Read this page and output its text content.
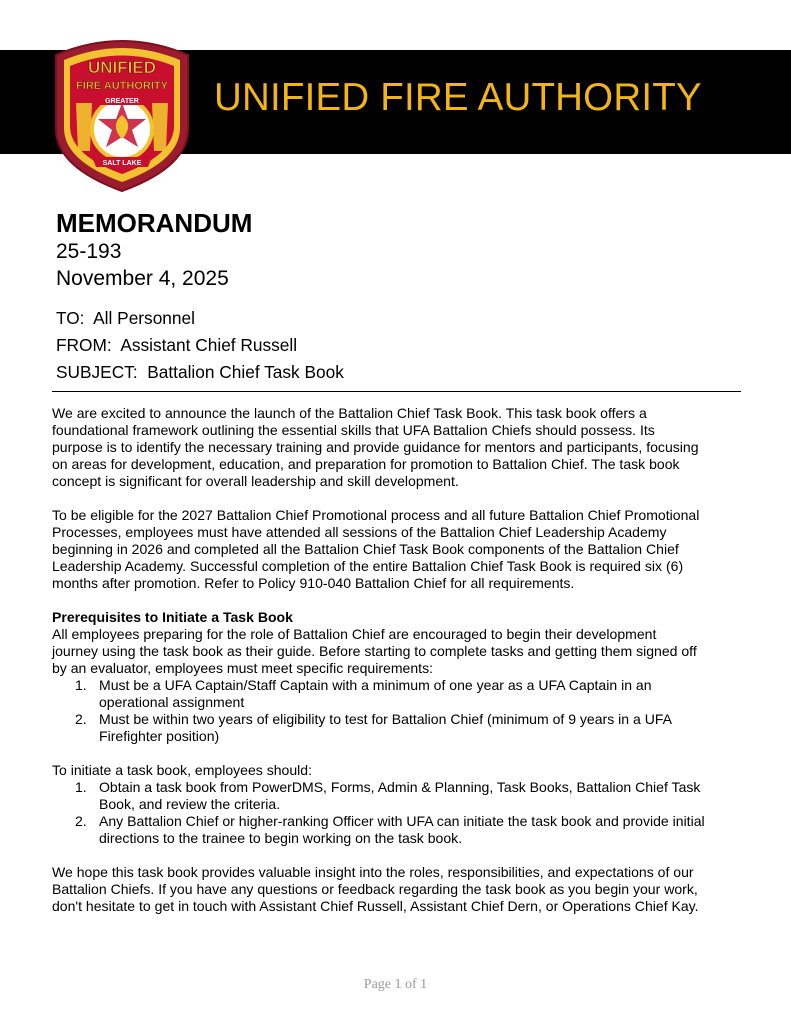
UNIFIED FIRE AUTHORITY
UNIFIED
FIRE AUTHORITY
GREATER
SALT LAKE
MEMORANDUM
25-193
November 4, 2025
TO: All Personnel
FROM: Assistant Chief Russell
SUBJECT: Battalion Chief Task Book

We are excited to announce the launch of the Battalion Chief Task Book. This task book offers a
foundational framework outlining the essential skills that UFA Battalion Chiefs should possess. Its
purpose is to identify the necessary training and provide guidance for mentors and participants, focusing
on areas for development, education, and preparation for promotion to Battalion Chief. The task book
concept is significant for overall leadership and skill development.

To be eligible for the 2027 Battalion Chief Promotional process and all future Battalion Chief Promotional
Processes, employees must have attended all sessions of the Battalion Chief Leadership Academy
beginning in 2026 and completed all the Battalion Chief Task Book components of the Battalion Chief
Leadership Academy. Successful completion of the entire Battalion Chief Task Book is required six (6)
months after promotion. Refer to Policy 910-040 Battalion Chief for all requirements.

Prerequisites to Initiate a Task Book
All employees preparing for the role of Battalion Chief are encouraged to begin their development
journey using the task book as their guide. Before starting to complete tasks and getting them signed off
by an evaluator, employees must meet specific requirements:

1. Must be a UFA Captain/Staff Captain with a minimum of one year as a UFA Captain in an
operational assignment
2. Must be within two years of eligibility to test for Battalion Chief (minimum of 9 years in a UFA
Firefighter position)

To initiate a task book, employees should:

1. Obtain a task book from PowerDMS, Forms, Admin & Planning, Task Books, Battalion Chief Task
Book, and review the criteria.
2. Any Battalion Chief or higher-ranking Officer with UFA can initiate the task book and provide initial
directions to the trainee to begin working on the task book.

We hope this task book provides valuable insight into the roles, responsibilities, and expectations of our
Battalion Chiefs. If you have any questions or feedback regarding the task book as you begin your work,
don't hesitate to get in touch with Assistant Chief Russell, Assistant Chief Dern, or Operations Chief Kay.

Page 1 of 1
